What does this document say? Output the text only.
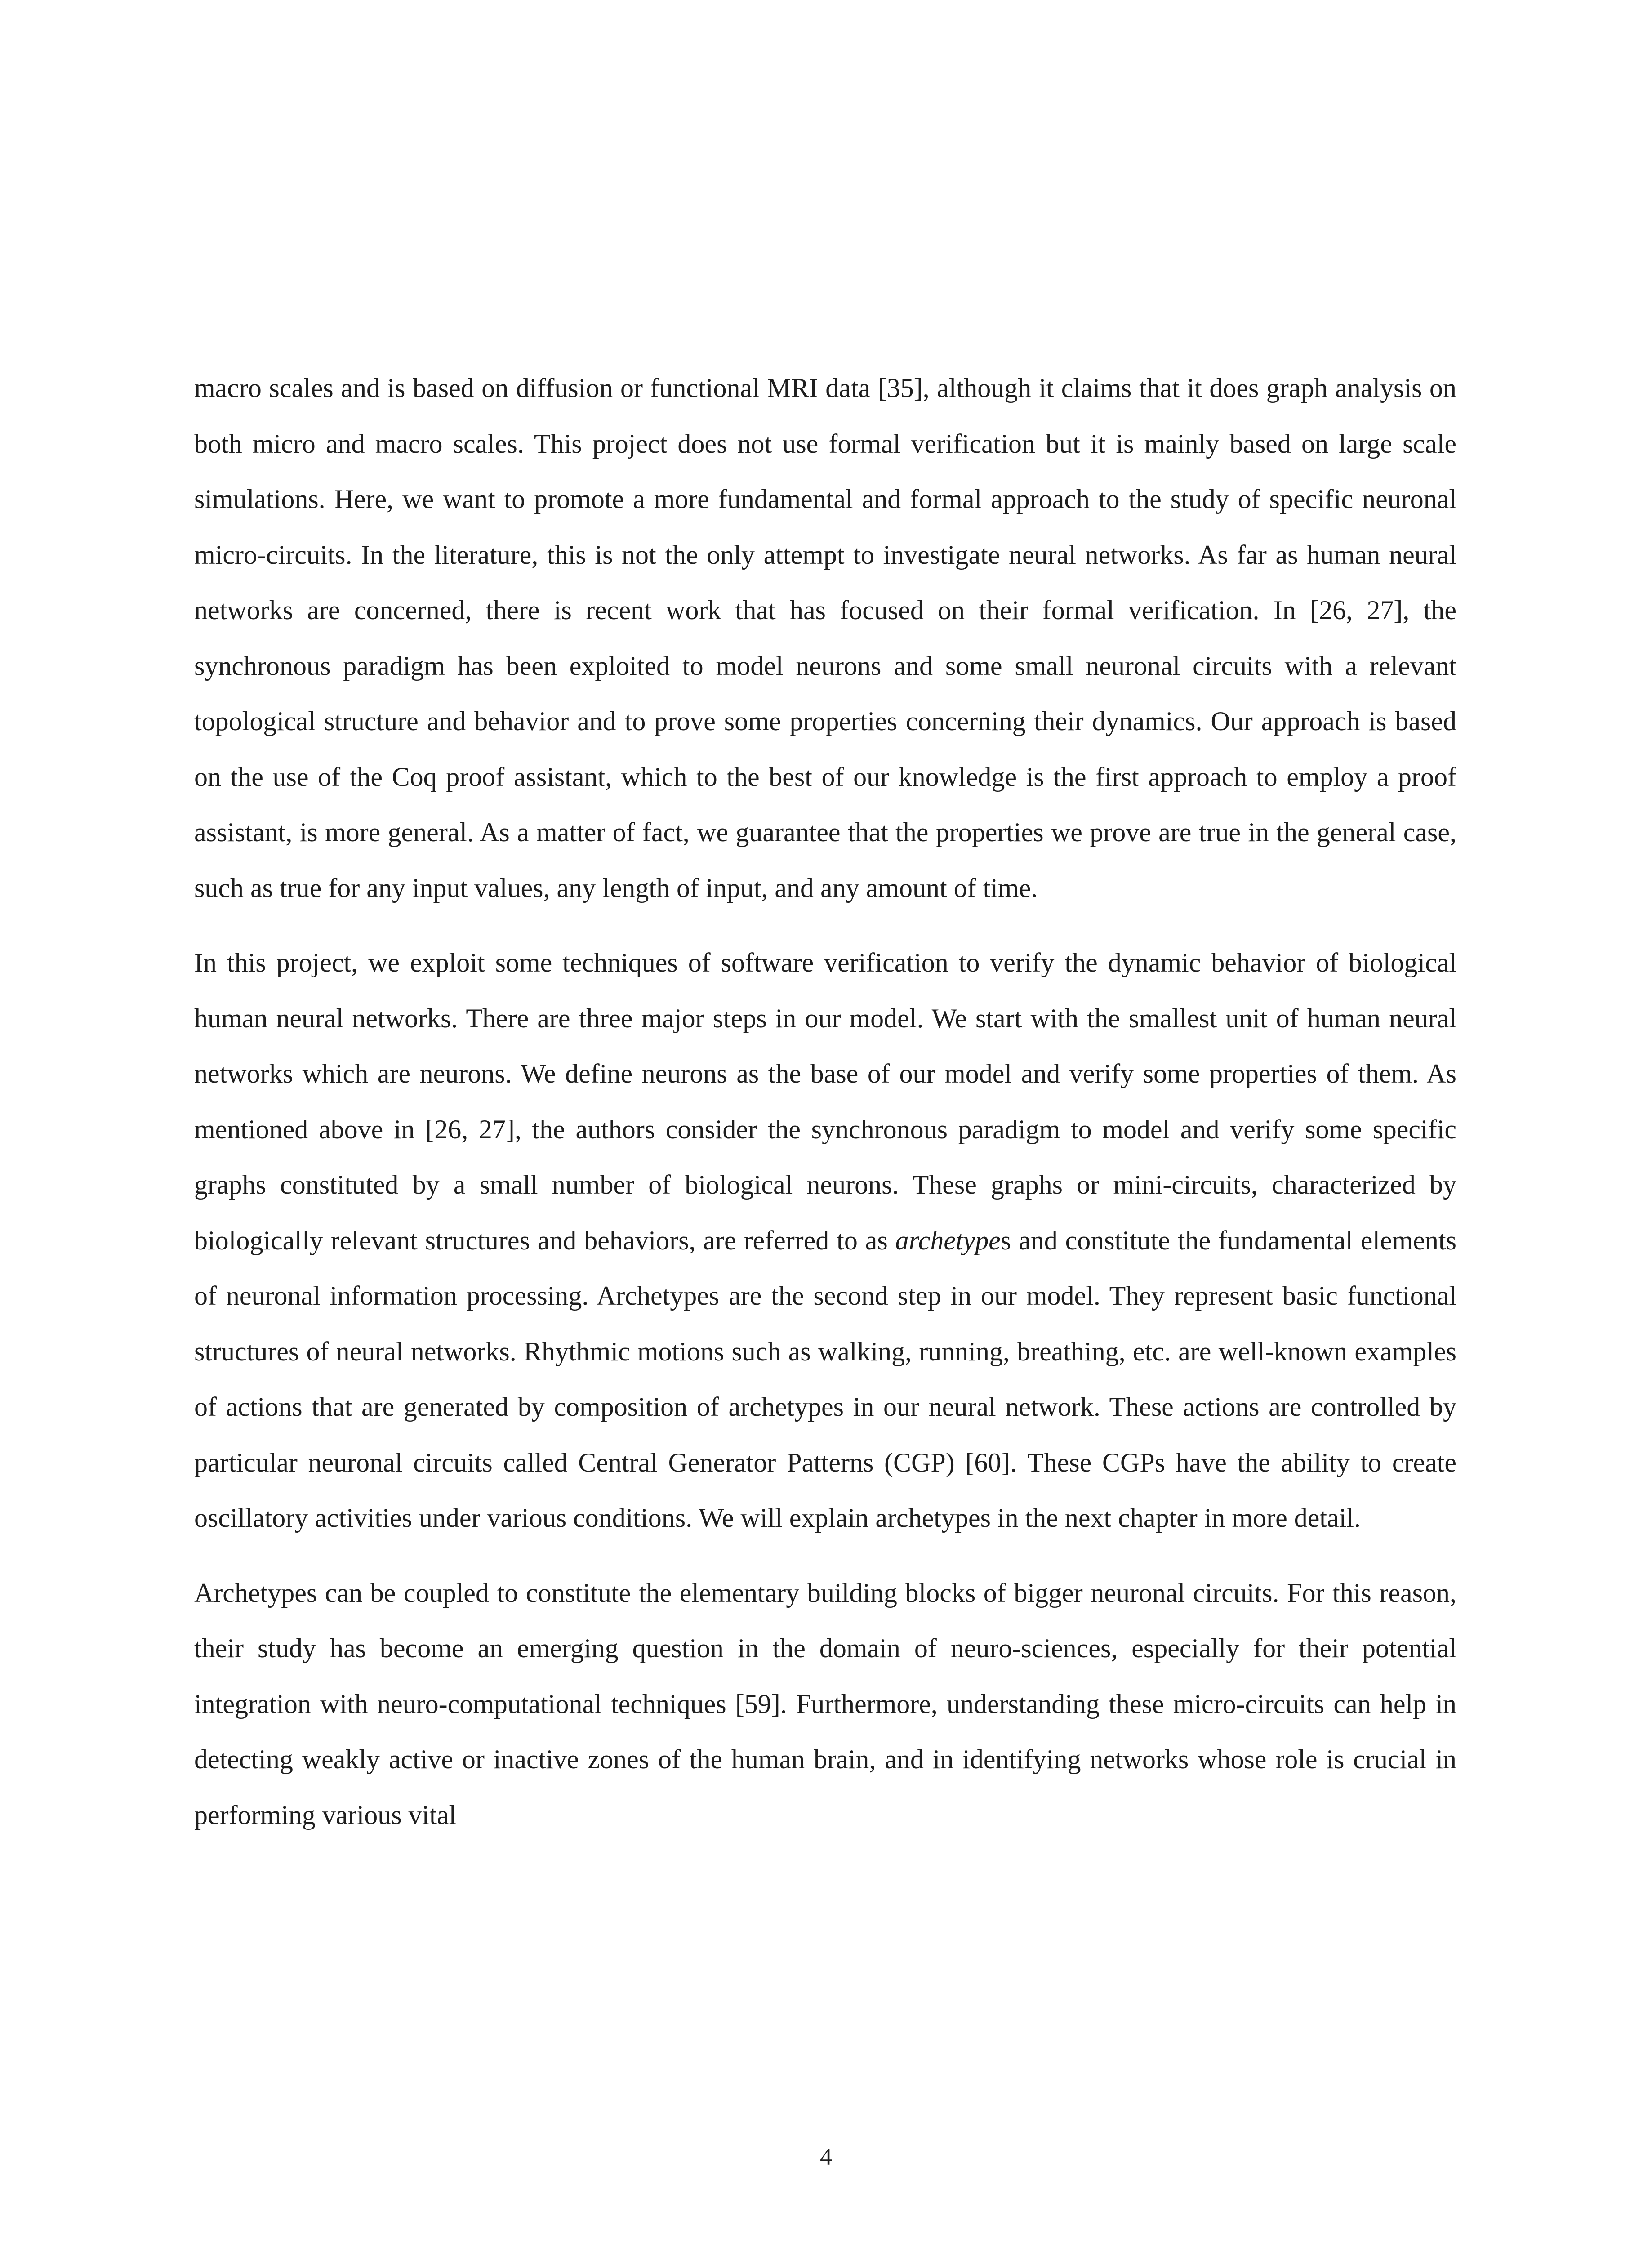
macro scales and is based on diffusion or functional MRI data [35], although it claims that it does graph analysis on both micro and macro scales. This project does not use formal verification but it is mainly based on large scale simulations. Here, we want to promote a more fundamental and formal approach to the study of specific neuronal micro-circuits. In the literature, this is not the only attempt to investigate neural networks. As far as human neural networks are concerned, there is recent work that has focused on their formal verification. In [26, 27], the synchronous paradigm has been exploited to model neurons and some small neuronal circuits with a relevant topological structure and behavior and to prove some properties concerning their dynamics. Our approach is based on the use of the Coq proof assistant, which to the best of our knowledge is the first approach to employ a proof assistant, is more general. As a matter of fact, we guarantee that the properties we prove are true in the general case, such as true for any input values, any length of input, and any amount of time.

In this project, we exploit some techniques of software verification to verify the dynamic behavior of biological human neural networks. There are three major steps in our model. We start with the smallest unit of human neural networks which are neurons. We define neurons as the base of our model and verify some properties of them. As mentioned above in [26, 27], the authors consider the synchronous paradigm to model and verify some specific graphs constituted by a small number of biological neurons. These graphs or mini-circuits, characterized by biologically relevant structures and behaviors, are referred to as archetypes and constitute the fundamental elements of neuronal information processing. Archetypes are the second step in our model. They represent basic functional structures of neural networks. Rhythmic motions such as walking, running, breathing, etc. are well-known examples of actions that are generated by composition of archetypes in our neural network. These actions are controlled by particular neuronal circuits called Central Generator Patterns (CGP) [60]. These CGPs have the ability to create oscillatory activities under various conditions. We will explain archetypes in the next chapter in more detail.

Archetypes can be coupled to constitute the elementary building blocks of bigger neuronal circuits. For this reason, their study has become an emerging question in the domain of neuro-sciences, especially for their potential integration with neuro-computational techniques [59]. Furthermore, understanding these micro-circuits can help in detecting weakly active or inactive zones of the human brain, and in identifying networks whose role is crucial in performing various vital

4
